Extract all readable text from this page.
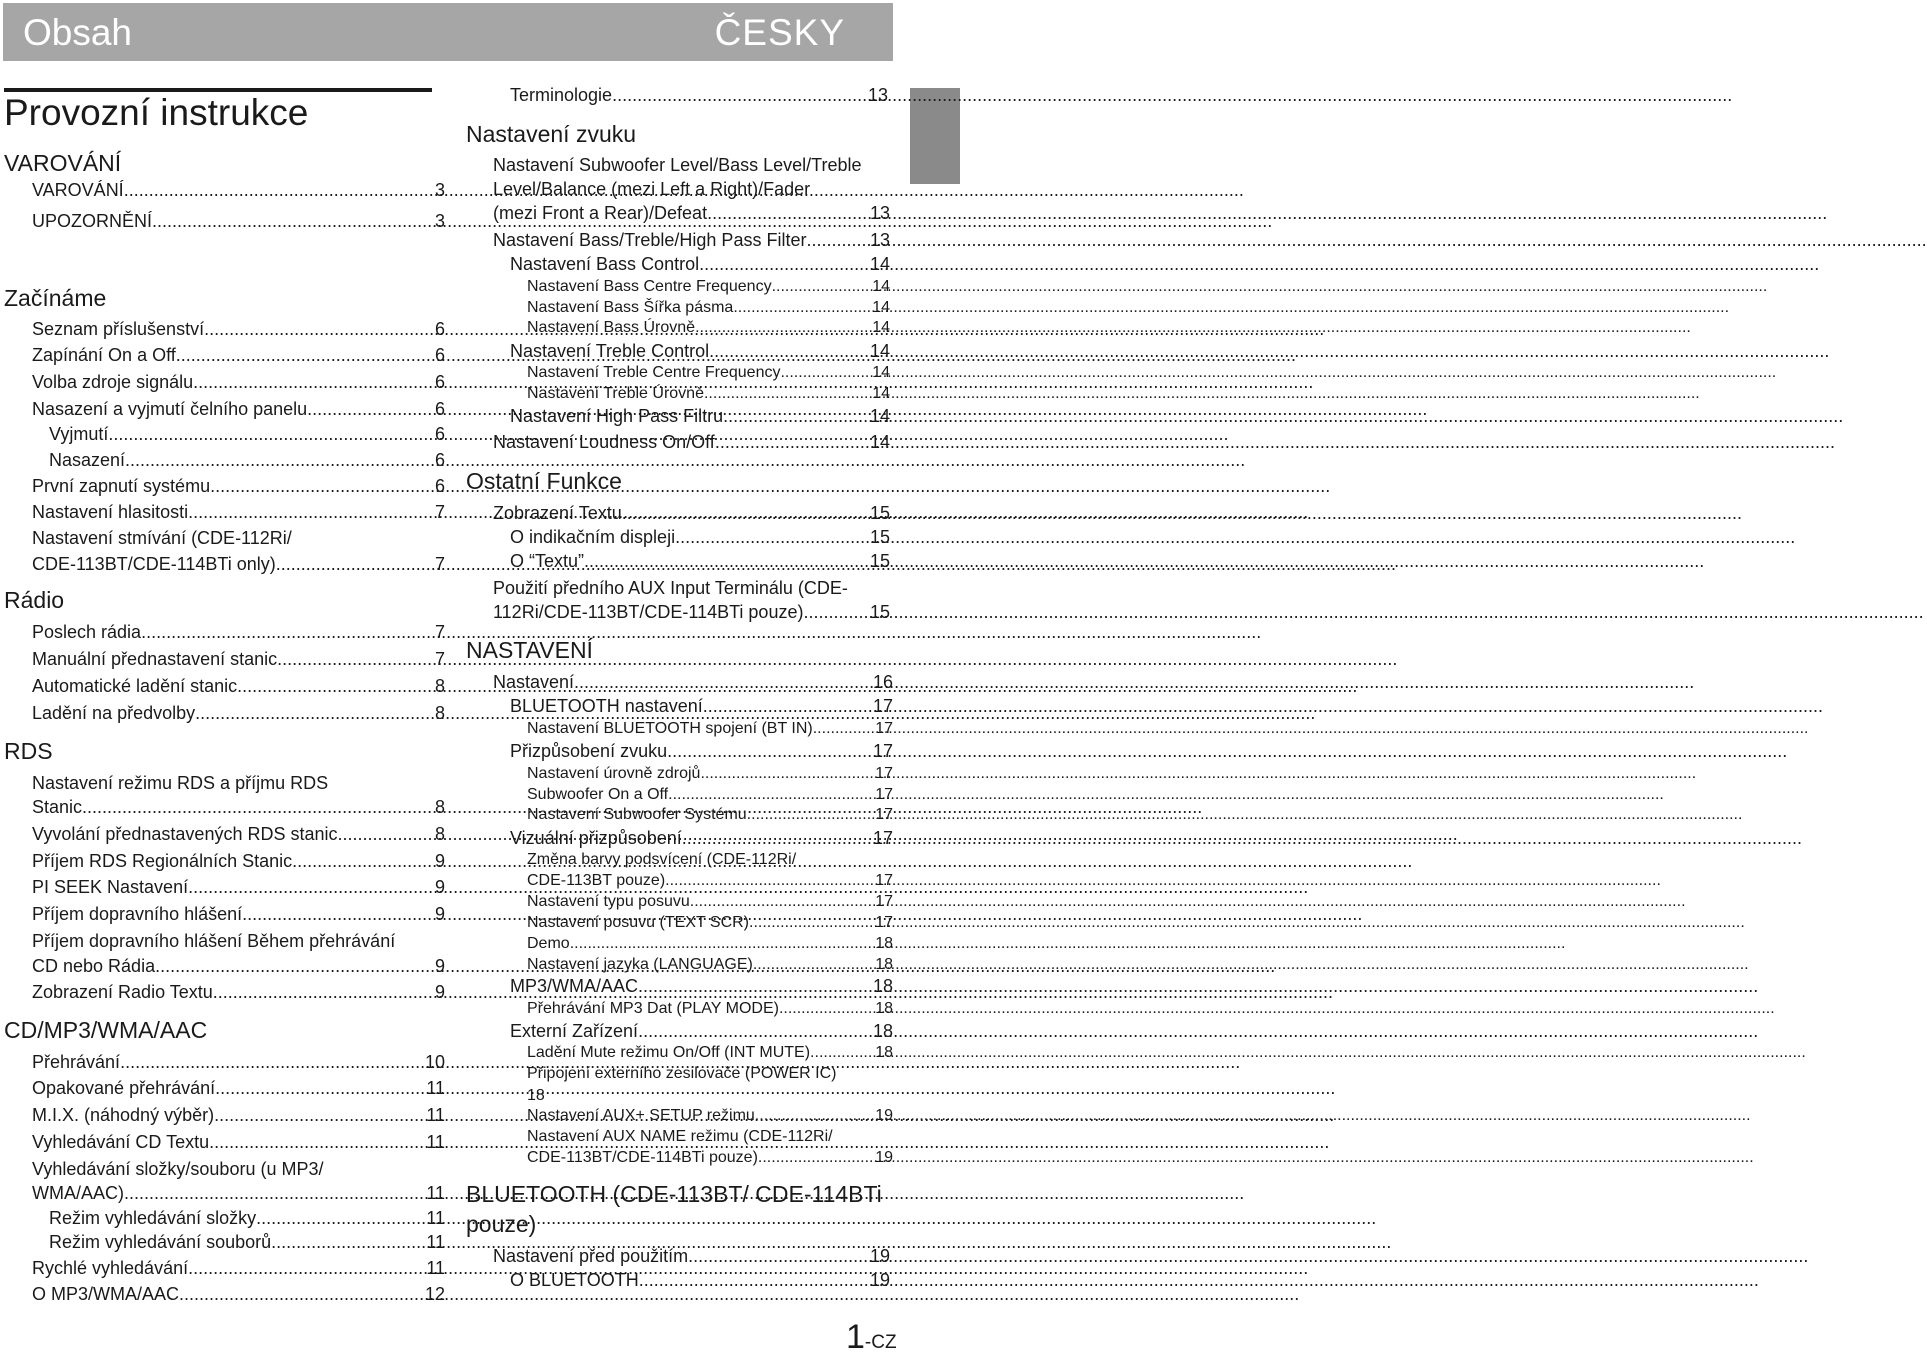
Obsah	ČESKY
Provozní instrukce
VAROVÁNÍ
VAROVÁNÍ .....	3
UPOZORNĚNÍ .....	3
Začínáme
Seznam příslušenství .....	6
Zapínání On a Off .....	6
Volba zdroje signálu .....	6
Nasazení a vyjmutí čelního panelu .....	6
Vyjmutí .....	6
Nasazení .....	6
První zapnutí systému .....	6
Nastavení hlasitosti .....	7
Nastavení stmívání (CDE-112Ri/
CDE-113BT/CDE-114BTi only) .....	7
Rádio
Poslech rádia .....	7
Manuální přednastavení stanic .....	7
Automatické ladění stanic .....	8
Ladění na předvolby .....	8
RDS
Nastavení režimu RDS a příjmu RDS
Stanic .....	8
Vyvolání přednastavených RDS stanic .....	8
Příjem RDS Regionálních Stanic .....	9
PI SEEK Nastavení .....	9
Příjem dopravního hlášení .....	9
Příjem dopravního hlášení Během přehrávání
CD nebo Rádia .....	9
Zobrazení Radio Textu .....	9
CD/MP3/WMA/AAC
Přehrávání .....	10
Opakované přehrávání .....	11
M.I.X. (náhodný výběr) .....	11
Vyhledávání CD Textu .....	11
Vyhledávání složky/souboru (u MP3/
WMA/AAC) .....	11
Režim vyhledávání složky .....	11
Režim vyhledávání souborů .....	11
Rychlé vyhledávání .....	11
O MP3/WMA/AAC .....	12
Terminologie .....	13
Nastavení zvuku
Nastavení Subwoofer Level/Bass Level/Treble
Level/Balance (mezi Left a Right)/Fader
(mezi Front a Rear)/Defeat .....	13
Nastavení Bass/Treble/High Pass Filter .....	13
Nastavení Bass Control .....	14
Nastavení Bass Centre Frequency .....	14
Nastavení Bass Šířka pásma .....	14
Nastavení Bass Úrovně .....	14
Nastavení Treble Control .....	14
Nastavení Treble Centre Frequency .....	14
Nastavení Treble Úrovně .....	14
Nastavení High Pass Filtru .....	14
Nastavení Loudness On/Off .....	14
Ostatní Funkce
Zobrazení Textu .....	15
O indikačním displeji .....	15
O “Textu” .....	15
Použití předního AUX Input Terminálu (CDE-
112Ri/CDE-113BT/CDE-114BTi pouze) .....	15
NASTAVENÍ
Nastavení .....	16
BLUETOOTH nastavení .....	17
Nastavení BLUETOOTH spojení (BT IN) .....	17
Přizpůsobení zvuku .....	17
Nastavení úrovně zdrojů .....	17
Subwoofer On a Off .....	17
Nastavení Subwoofer Systému .....	17
Vizuální přizpůsobení .....	17
Změna barvy podsvícení (CDE-112Ri/
CDE-113BT pouze) .....	17
Nastavení typu posuvu .....	17
Nastavení posuvu (TEXT SCR) .....	17
Demo .....	18
Nastavení jazyka (LANGUAGE) .....	18
MP3/WMA/AAC .....	18
Přehrávání MP3 Dat (PLAY MODE) .....	18
Externí Zařízení .....	18
Ladění Mute režimu On/Off (INT MUTE) .....	18
Připojení externího zesilovače (POWER IC)
18
Nastavení AUX+ SETUP režimu .....	19
Nastavení AUX NAME režimu (CDE-112Ri/
CDE-113BT/CDE-114BTi pouze) .....	19
BLUETOOTH (CDE-113BT/ CDE-114BTi
pouze)
Nastavení před použitím .....	19
O BLUETOOTH .....	19
1-CZ
